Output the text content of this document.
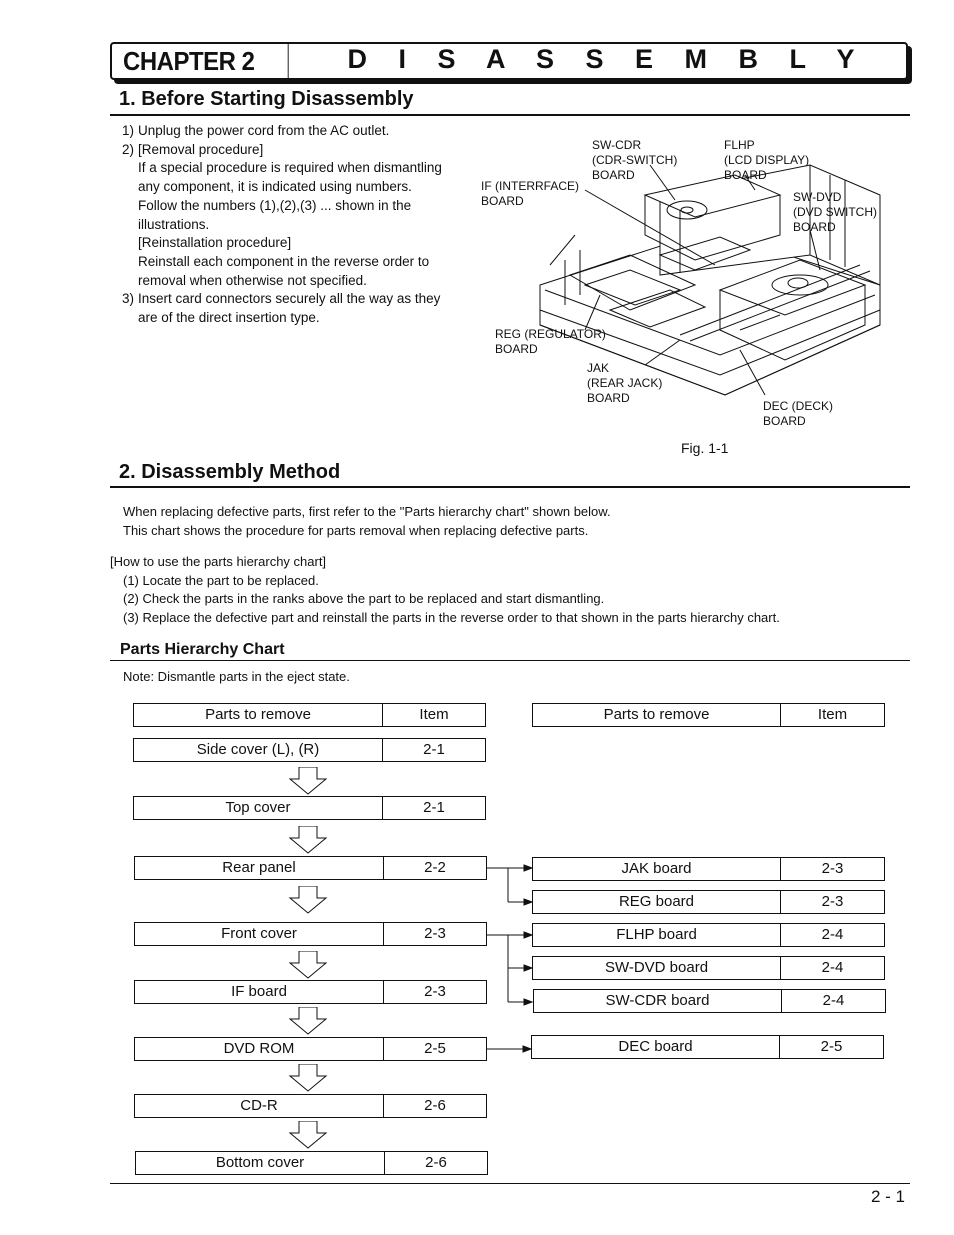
CHAPTER 2	D I S A S S E M B L Y
1. Before Starting Disassembly
1) Unplug the power cord from the AC outlet.
2) [Removal procedure]
If a special procedure is required when dismantling
any component, it is indicated using numbers.
Follow the numbers (1),(2),(3) ... shown in the
illustrations.
[Reinstallation procedure]
Reinstall each component in the reverse order to
removal when otherwise not specified.
3) Insert card connectors securely all the way as they
are of the direct insertion type.
SW-CDR
(CDR-SWITCH)
BOARD
FLHP
(LCD DISPLAY)
BOARD
SW-DVD
(DVD SWITCH)
BOARD
IF (INTERRFACE)
BOARD
REG (REGULATOR)
BOARD
JAK
(REAR JACK)
BOARD
DEC (DECK)
BOARD
Fig. 1-1
2. Disassembly Method
When replacing defective parts, first refer to the "Parts hierarchy chart" shown below.
This chart shows the procedure for parts removal when replacing defective parts.
[How to use the parts hierarchy chart]
(1) Locate the part to be replaced.
(2) Check the parts in the ranks above the part to be replaced and start dismantling.
(3) Replace the defective part and reinstall the parts in the reverse order to that shown in the parts hierarchy chart.
Parts Hierarchy Chart
Note: Dismantle parts in the eject state.
Parts to remove	Item	Parts to remove	Item
Side cover (L), (R)	2-1
Top cover	2-1
Rear panel	2-2
Front cover	2-3
IF board	2-3
DVD ROM	2-5
CD-R	2-6
Bottom cover	2-6
JAK board	2-3
REG board	2-3
FLHP board	2-4
SW-DVD board	2-4
SW-CDR board	2-4
DEC board	2-5
2 - 1
